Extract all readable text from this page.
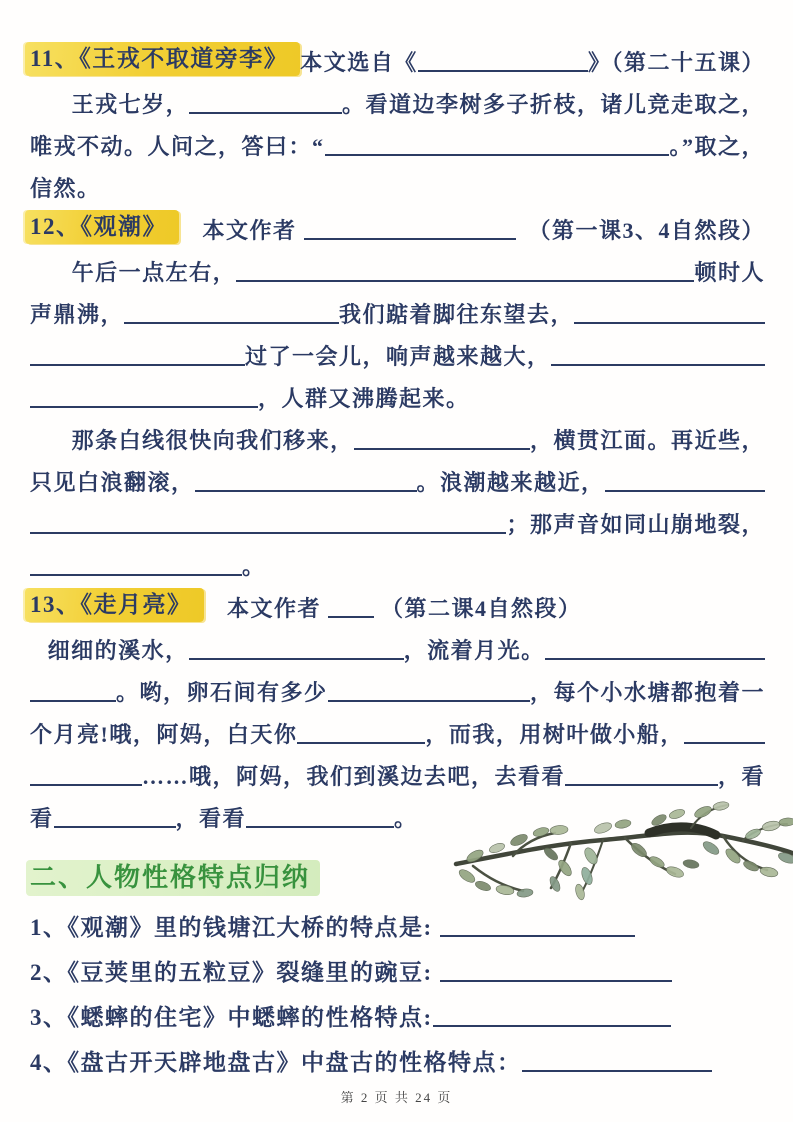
11、《王戎不取道旁李》 本文选自《	》（第二十五课）
王戎七岁，	。看道边李树多子折枝，诸儿竞走取之，
唯戎不动。人问之，答曰：“	。”取之，
信然。
12、《观潮》 　本文作者	　（第一课3、4自然段）
午后一点左右，	顿时人
声鼎沸，	我们踮着脚往东望去，
过了一会儿，响声越来越大，
，人群又沸腾起来。
那条白线很快向我们移来，	，横贯江面。再近些，
只见白浪翻滚，	。浪潮越来越近，
；那声音如同山崩地裂，
。
13、《走月亮》 　本文作者 （第二课4自然段）
细细的溪水，	，流着月光。
。哟，卵石间有多少	，每个小水塘都抱着一
个月亮!哦，阿妈，白天你	，而我，用树叶做小船，
……哦，阿妈，我们到溪边去吧，去看看	，看
看	，看看	。
二、人物性格特点归纳
1、《观潮》里的钱塘江大桥的特点是:
2、《豆荚里的五粒豆》裂缝里的豌豆:
3、《蟋蟀的住宅》中蟋蟀的性格特点:
4、《盘古开天辟地盘古》中盘古的性格特点：
第 2 页 共 24 页
